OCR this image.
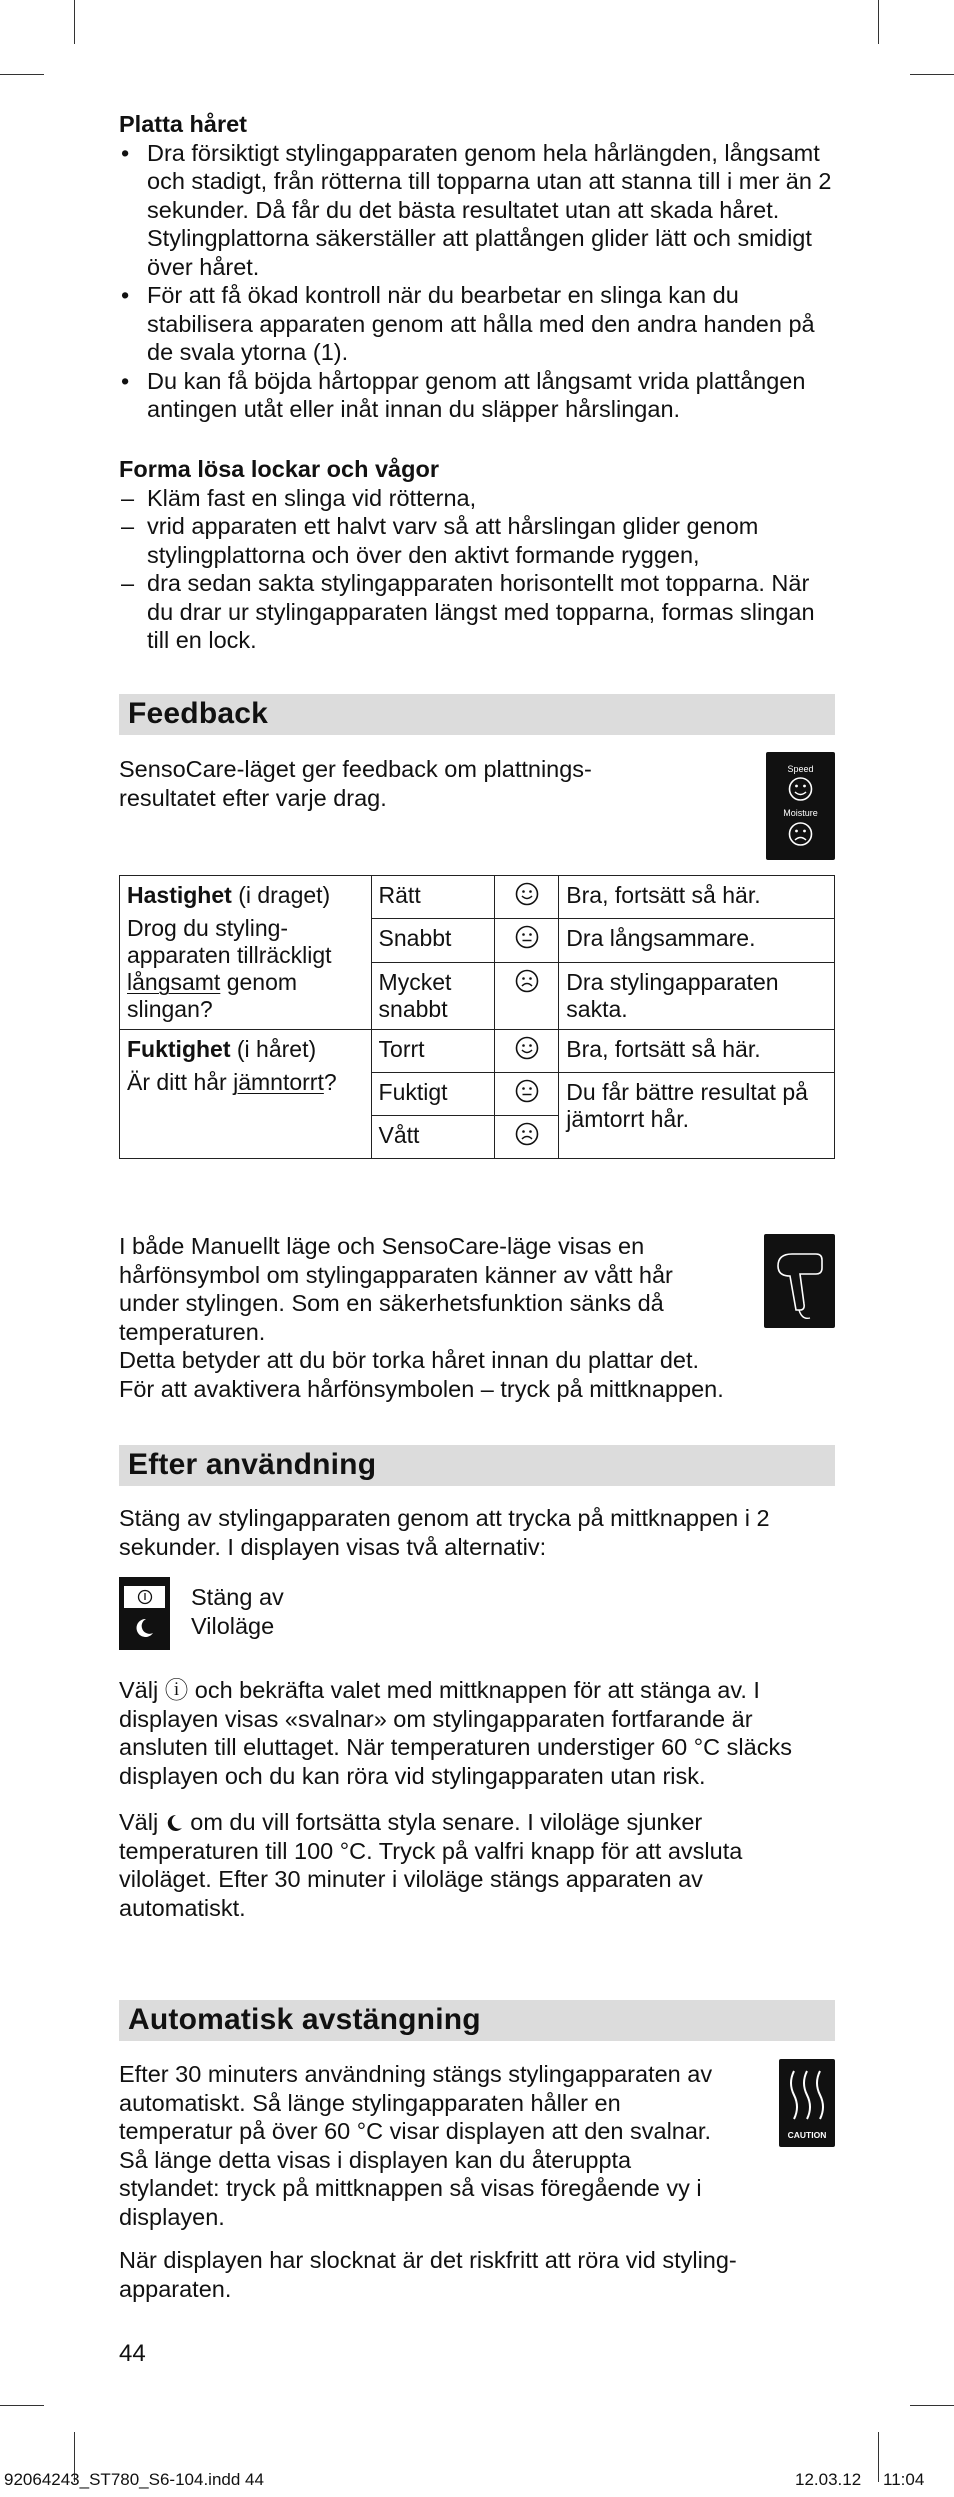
Platta håret
• Dra försiktigt stylingapparaten genom hela hårlängden, långsamt och stadigt, från rötterna till topparna utan att stanna till i mer än 2 sekunder. Då får du det bästa resultatet utan att skada håret. Stylingplattorna säkerställer att plattången glider lätt och smidigt över håret.
• För att få ökad kontroll när du bearbetar en slinga kan du stabilisera apparaten genom att hålla med den andra handen på de svala ytorna (1).
• Du kan få böjda hårtoppar genom att långsamt vrida plattången antingen utåt eller inåt innan du släpper hårslingan.
Forma lösa lockar och vågor
– Kläm fast en slinga vid rötterna,
– vrid apparaten ett halvt varv så att hårslingan glider genom stylingplattorna och över den aktivt formande ryggen,
– dra sedan sakta stylingapparaten horisontellt mot topparna. När du drar ur stylingapparaten längst med topparna, formas slingan till en lock.
Feedback

SensoCare-läget ger feedback om plattnings-resultatet efter varje drag.

Speed
Moisture
Hastighet (i draget)
Drog du styling-apparaten tillräckligt långsamt genom slingan?	Rätt		Bra, fortsätt så här.
	Snabbt		Dra långsammare.
	Mycket snabbt		Dra stylingapparaten sakta.

Fuktighet (i håret)
Är ditt hår jämntorrt?	Torrt		Bra, fortsätt så här.
	Fuktigt		Du får bättre resultat på jämtorrt hår.
	Vått	

I både Manuellt läge och SensoCare-läge visas en hårfönsymbol om stylingapparaten känner av vått hår under stylingen. Som en säkerhetsfunktion sänks då temperaturen.

Detta betyder att du bör torka håret innan du plattar det.

För att avaktivera hårfönsymbolen – tryck på mittknappen.

Efter användning

Stäng av stylingapparaten genom att trycka på mittknappen i 2 sekunder. I displayen visas två alternativ:

Stäng av
Viloläge

Välj ⓘ och bekräfta valet med mittknappen för att stänga av. I displayen visas «svalnar» om stylingapparaten fortfarande är ansluten till eluttaget. När temperaturen understiger 60 °C släcks displayen och du kan röra vid stylingapparaten utan risk.

Välj  om du vill fortsätta styla senare. I viloläge sjunker temperaturen till 100 °C. Tryck på valfri knapp för att avsluta viloläget. Efter 30 minuter i viloläge stängs apparaten av automatiskt.

Automatisk avstängning

Efter 30 minuters användning stängs stylingapparaten av automatiskt. Så länge stylingapparaten håller en temperatur på över 60 °C visar displayen att den svalnar. Så länge detta visas i displayen kan du återuppta stylandet: tryck på mittknappen så visas föregående vy i displayen.

CAUTION

När displayen har slocknat är det riskfritt att röra vid styling-apparaten.

44
92064243_ST780_S6-104.indd 44	12.03.12 11:04
